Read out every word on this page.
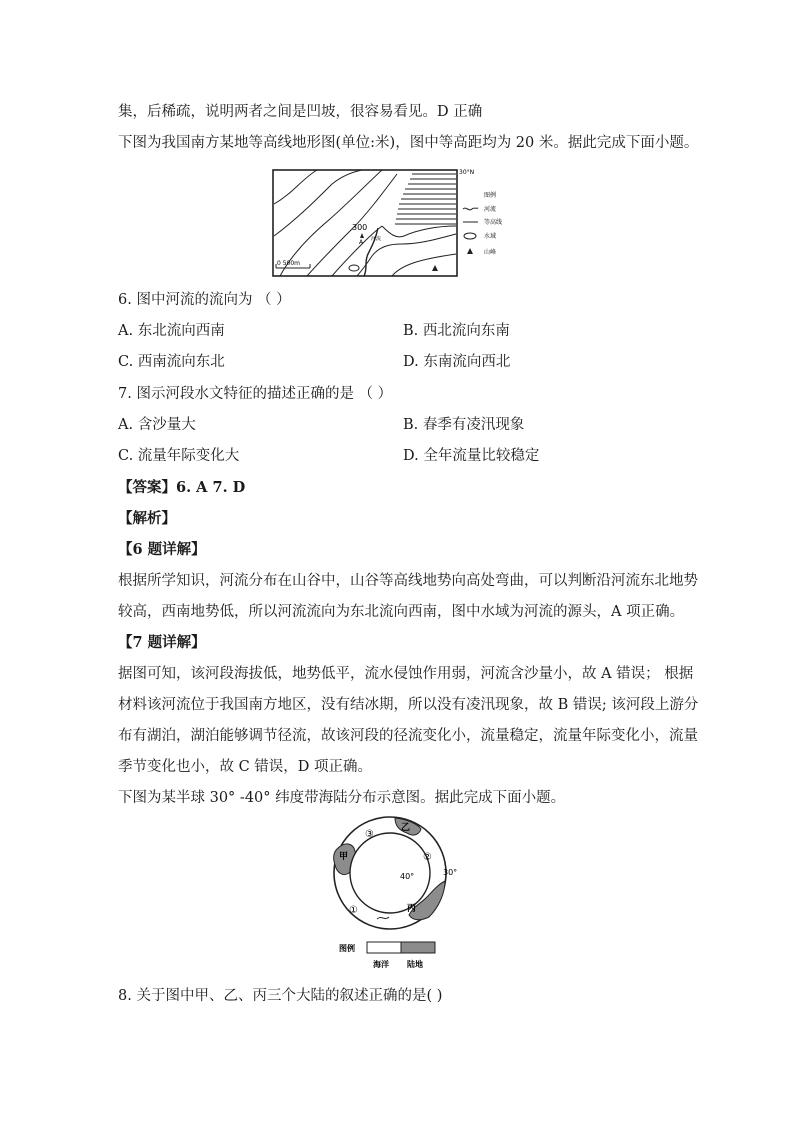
集，后稀疏，说明两者之间是凹坡，很容易看见。D 正确
下图为我国南方某地等高线地形图(单位:米)，图中等高距均为 20 米。据此完成下面小题。
300
A 河流
0 500m
30°N
图例
河流
等高线
水域
山峰
6. 图中河流的流向为 （ ）
A. 东北流向西南	B. 西北流向东南
C. 西南流向东北	D. 东南流向西北
7. 图示河段水文特征的描述正确的是 （ ）
A. 含沙量大	B. 春季有凌汛现象
C. 流量年际变化大	D. 全年流量比较稳定
【答案】6. A 7. D
【解析】
【6 题详解】
根据所学知识，河流分布在山谷中，山谷等高线地势向高处弯曲，可以判断沿河流东北地势
较高，西南地势低，所以河流流向为东北流向西南，图中水域为河流的源头，A 项正确。
【7 题详解】
据图可知，该河段海拔低，地势低平，流水侵蚀作用弱，河流含沙量小，故 A 错误； 根据
材料该河流位于我国南方地区，没有结冰期，所以没有凌汛现象，故 B 错误; 该河段上游分
布有湖泊，湖泊能够调节径流，故该河段的径流变化小，流量稳定，流量年际变化小，流量
季节变化也小，故 C 错误，D 项正确。
下图为某半球 30° -40° 纬度带海陆分布示意图。据此完成下面小题。
甲
乙
丙
①
②
③
40°	30°
图例
海洋 陆地
8. 关于图中甲、乙、丙三个大陆的叙述正确的是( )
